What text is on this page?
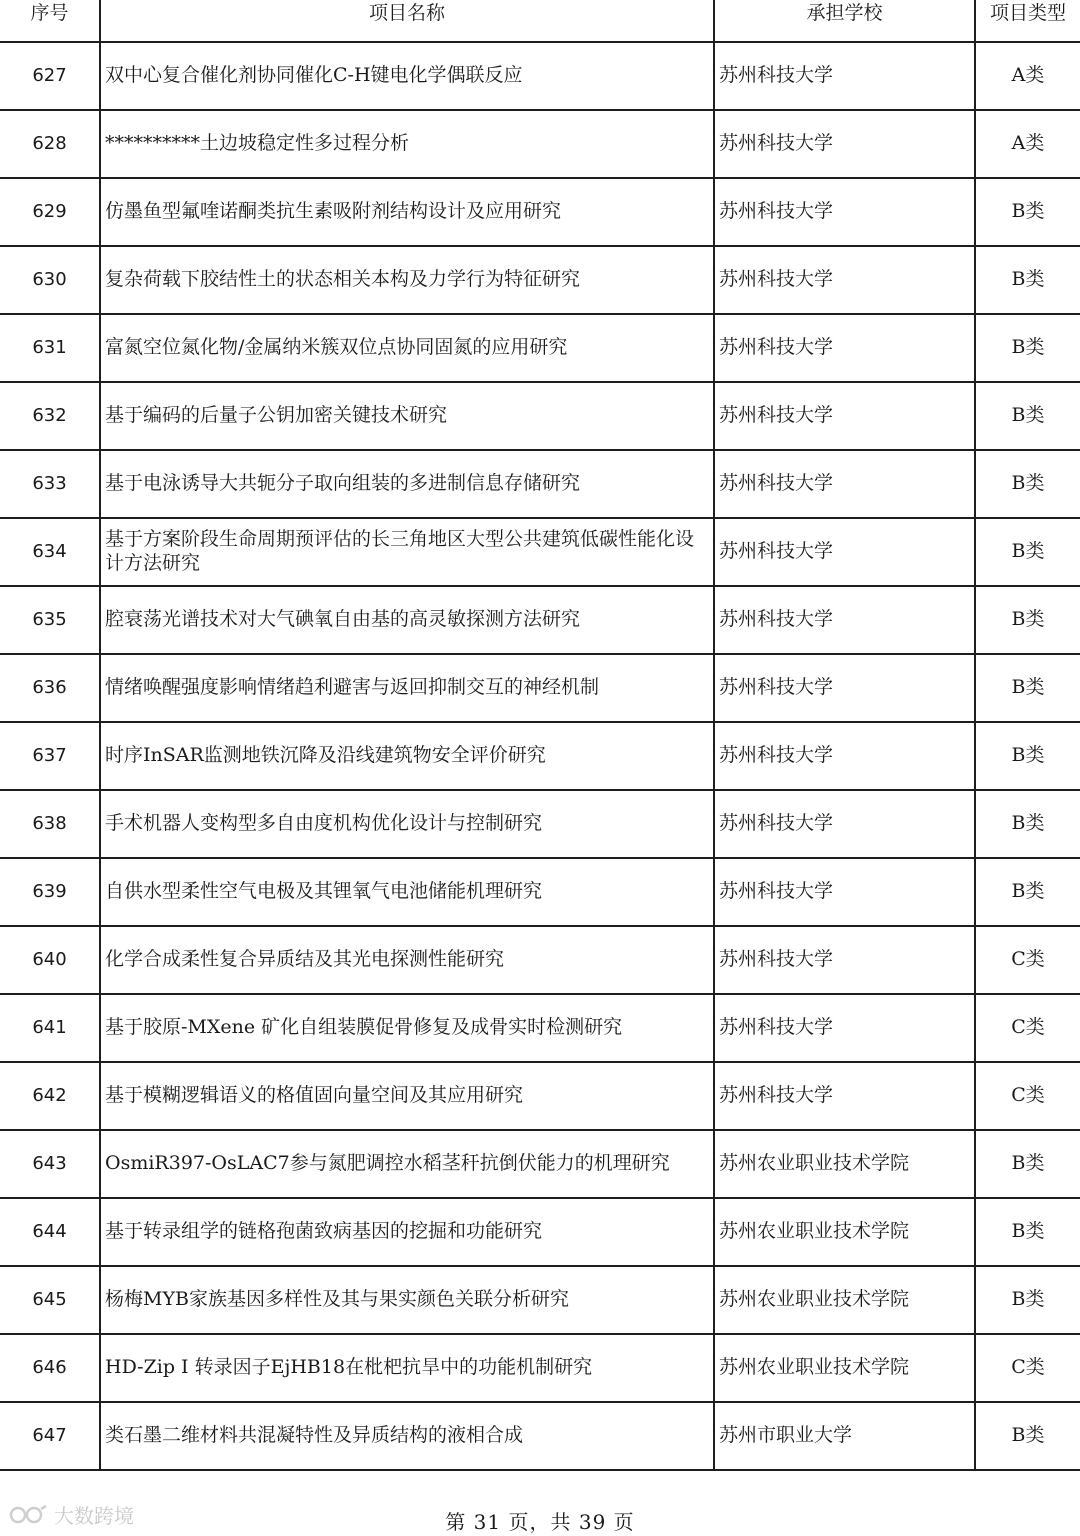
序号	项目名称	承担学校	项目类型
627	双中心复合催化剂协同催化C-H键电化学偶联反应	苏州科技大学	A类
628	**********土边坡稳定性多过程分析	苏州科技大学	A类
629	仿墨鱼型氟喹诺酮类抗生素吸附剂结构设计及应用研究	苏州科技大学	B类
630	复杂荷载下胶结性土的状态相关本构及力学行为特征研究	苏州科技大学	B类
631	富氮空位氮化物/金属纳米簇双位点协同固氮的应用研究	苏州科技大学	B类
632	基于编码的后量子公钥加密关键技术研究	苏州科技大学	B类
633	基于电泳诱导大共轭分子取向组装的多进制信息存储研究	苏州科技大学	B类
634	基于方案阶段生命周期预评估的长三角地区大型公共建筑低碳性能化设计方法研究	苏州科技大学	B类
635	腔衰荡光谱技术对大气碘氧自由基的高灵敏探测方法研究	苏州科技大学	B类
636	情绪唤醒强度影响情绪趋利避害与返回抑制交互的神经机制	苏州科技大学	B类
637	时序InSAR监测地铁沉降及沿线建筑物安全评价研究	苏州科技大学	B类
638	手术机器人变构型多自由度机构优化设计与控制研究	苏州科技大学	B类
639	自供水型柔性空气电极及其锂氧气电池储能机理研究	苏州科技大学	B类
640	化学合成柔性复合异质结及其光电探测性能研究	苏州科技大学	C类
641	基于胶原-MXene 矿化自组装膜促骨修复及成骨实时检测研究	苏州科技大学	C类
642	基于模糊逻辑语义的格值固向量空间及其应用研究	苏州科技大学	C类
643	OsmiR397-OsLAC7参与氮肥调控水稻茎秆抗倒伏能力的机理研究	苏州农业职业技术学院	B类
644	基于转录组学的链格孢菌致病基因的挖掘和功能研究	苏州农业职业技术学院	B类
645	杨梅MYB家族基因多样性及其与果实颜色关联分析研究	苏州农业职业技术学院	B类
646	HD-Zip Ⅰ 转录因子EjHB18在枇杷抗旱中的功能机制研究	苏州农业职业技术学院	C类
647	类石墨二维材料共混凝特性及异质结构的液相合成	苏州市职业大学	B类
大数跨境	第 31 页，共 39 页
